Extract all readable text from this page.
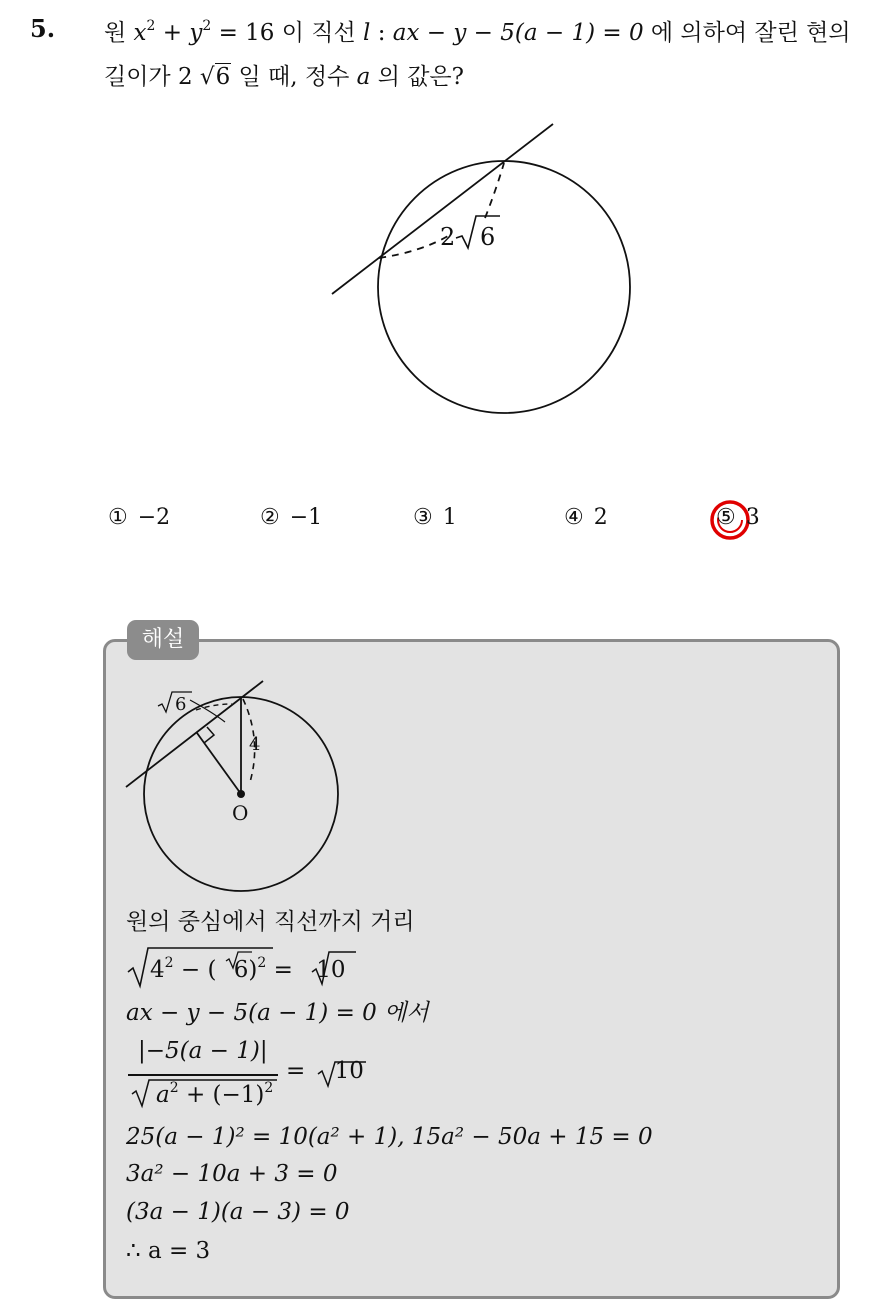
5. 원 $x^2 + y^2 = 16$ 이 직선 l : ax − y − 5(a − 1) = 0 에 의하여 잘린 현의
길이가 2 √6 일 때, 정수 a 의 값은?
2 6
① −2	② −1	③ 1	④ 2	⑤ 3
해설
6
4
O
원의 중심에서 직선까지 거리
$4^2$ − ( 6)$^2$ = 10
ax − y − 5(a − 1) = 0 에서
|−5(a − 1)|
$a^2 + (-1)^2$
= 10
25(a − 1)² = 10(a² + 1), 15a² − 50a + 15 = 0
3a² − 10a + 3 = 0
(3a − 1)(a − 3) = 0
∴ a = 3
